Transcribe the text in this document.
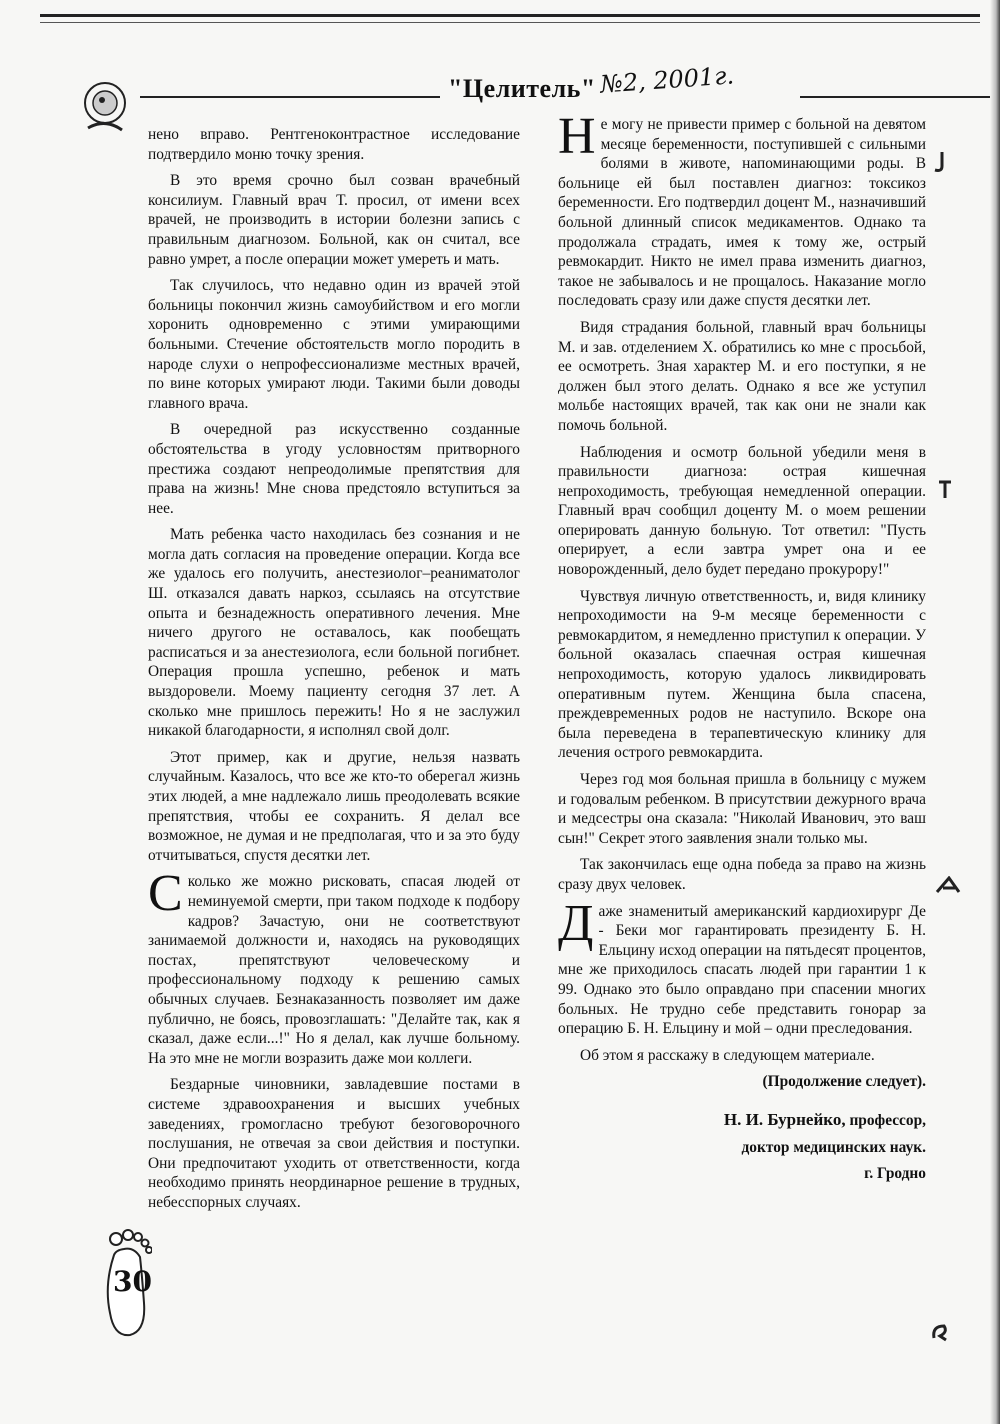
"Целитель" №2, 2001г.

нено вправо. Рентгеноконтрастное исследование подтвердило моню точку зрения.

В это время срочно был созван врачебный консилиум. Главный врач Т. просил, от имени всех врачей, не производить в истории болезни запись с правильным диагнозом. Больной, как он считал, все равно умрет, а после операции может умереть и мать.

Так случилось, что недавно один из врачей этой больницы покончил жизнь самоубийством и его могли хоронить одновременно с этими умирающими больными. Стечение обстоятельств могло породить в народе слухи о непрофессионализме местных врачей, по вине которых умирают люди. Такими были доводы главного врача.

В очередной раз искусственно созданные обстоятельства в угоду условностям притворного престижа создают непреодолимые препятствия для права на жизнь! Мне снова предстояло вступиться за нее.

Мать ребенка часто находилась без сознания и не могла дать согласия на проведение операции. Когда все же удалось его получить, анестезиолог–реаниматолог Ш. отказался давать наркоз, ссылаясь на отсутствие опыта и безнадежность оперативного лечения. Мне ничего другого не оставалось, как пообещать расписаться и за анестезиолога, если больной погибнет. Операция прошла успешно, ребенок и мать выздоровели. Моему пациенту сегодня 37 лет. А сколько мне пришлось пережить! Но я не заслужил никакой благодарности, я исполнял свой долг.

Этот пример, как и другие, нельзя назвать случайным. Казалось, что все же кто-то оберегал жизнь этих людей, а мне надлежало лишь преодолевать всякие препятствия, чтобы ее сохранить. Я делал все возможное, не думая и не предполагая, что и за это буду отчитываться, спустя десятки лет.

Сколько же можно рисковать, спасая людей от неминуемой смерти, при таком подходе к подбору кадров? Зачастую, они не соответствуют занимаемой должности и, находясь на руководящих постах, препятствуют человеческому и профессиональному подходу к решению самых обычных случаев. Безнаказанность позволяет им даже публично, не боясь, провозглашать: "Делайте так, как я сказал, даже если...!" Но я делал, как лучше больному. На это мне не могли возразить даже мои коллеги.

Бездарные чиновники, завладевшие постами в системе здравоохранения и высших учебных заведениях, громогласно требуют безоговорочного послушания, не отвечая за свои действия и поступки. Они предпочитают уходить от ответственности, когда необходимо принять неординарное решение в трудных, небесспорных случаях.

Не могу не привести пример с больной на девятом месяце беременности, поступившей с сильными болями в животе, напоминающими роды. В больнице ей был поставлен диагноз: токсикоз беременности. Его подтвердил доцент М., назначивший больной длинный список медикаментов. Однако та продолжала страдать, имея к тому же, острый ревмокардит. Никто не имел права изменить диагноз, такое не забывалось и не прощалось. Наказание могло последовать сразу или даже спустя десятки лет.

Видя страдания больной, главный врач больницы М. и зав. отделением Х. обратились ко мне с просьбой, ее осмотреть. Зная характер М. и его поступки, я не должен был этого делать. Однако я все же уступил мольбе настоящих врачей, так как они не знали как помочь больной.

Наблюдения и осмотр больной убедили меня в правильности диагноза: острая кишечная непроходимость, требующая немедленной операции. Главный врач сообщил доценту М. о моем решении оперировать данную больную. Тот ответил: "Пусть оперирует, а если завтра умрет она и ее новорожденный, дело будет передано прокурору!"

Чувствуя личную ответственность, и, видя клинику непроходимости на 9-м месяце беременности с ревмокардитом, я немедленно приступил к операции. У больной оказалась спаечная острая кишечная непроходимость, которую удалось ликвидировать оперативным путем. Женщина была спасена, преждевременных родов не наступило. Вскоре она была переведена в терапевтическую клинику для лечения острого ревмокардита.

Через год моя больная пришла в больницу с мужем и годовалым ребенком. В присутствии дежурного врача и медсестры она сказала: "Николай Иванович, это ваш сын!" Секрет этого заявления знали только мы.

Так закончилась еще одна победа за право на жизнь сразу двух человек.

Даже знаменитый американский кардиохирург Де - Беки мог гарантировать президенту Б. Н. Ельцину исход операции на пятьдесят процентов, мне же приходилось спасать людей при гарантии 1 к 99. Однако это было оправдано при спасении многих больных. Не трудно себе представить гонорар за операцию Б. Н. Ельцину и мой – одни преследования.

Об этом я расскажу в следующем материале.

(Продолжение следует).

Н. И. Бурнейко, профессор,

доктор медицинских наук.

г. Гродно

30
